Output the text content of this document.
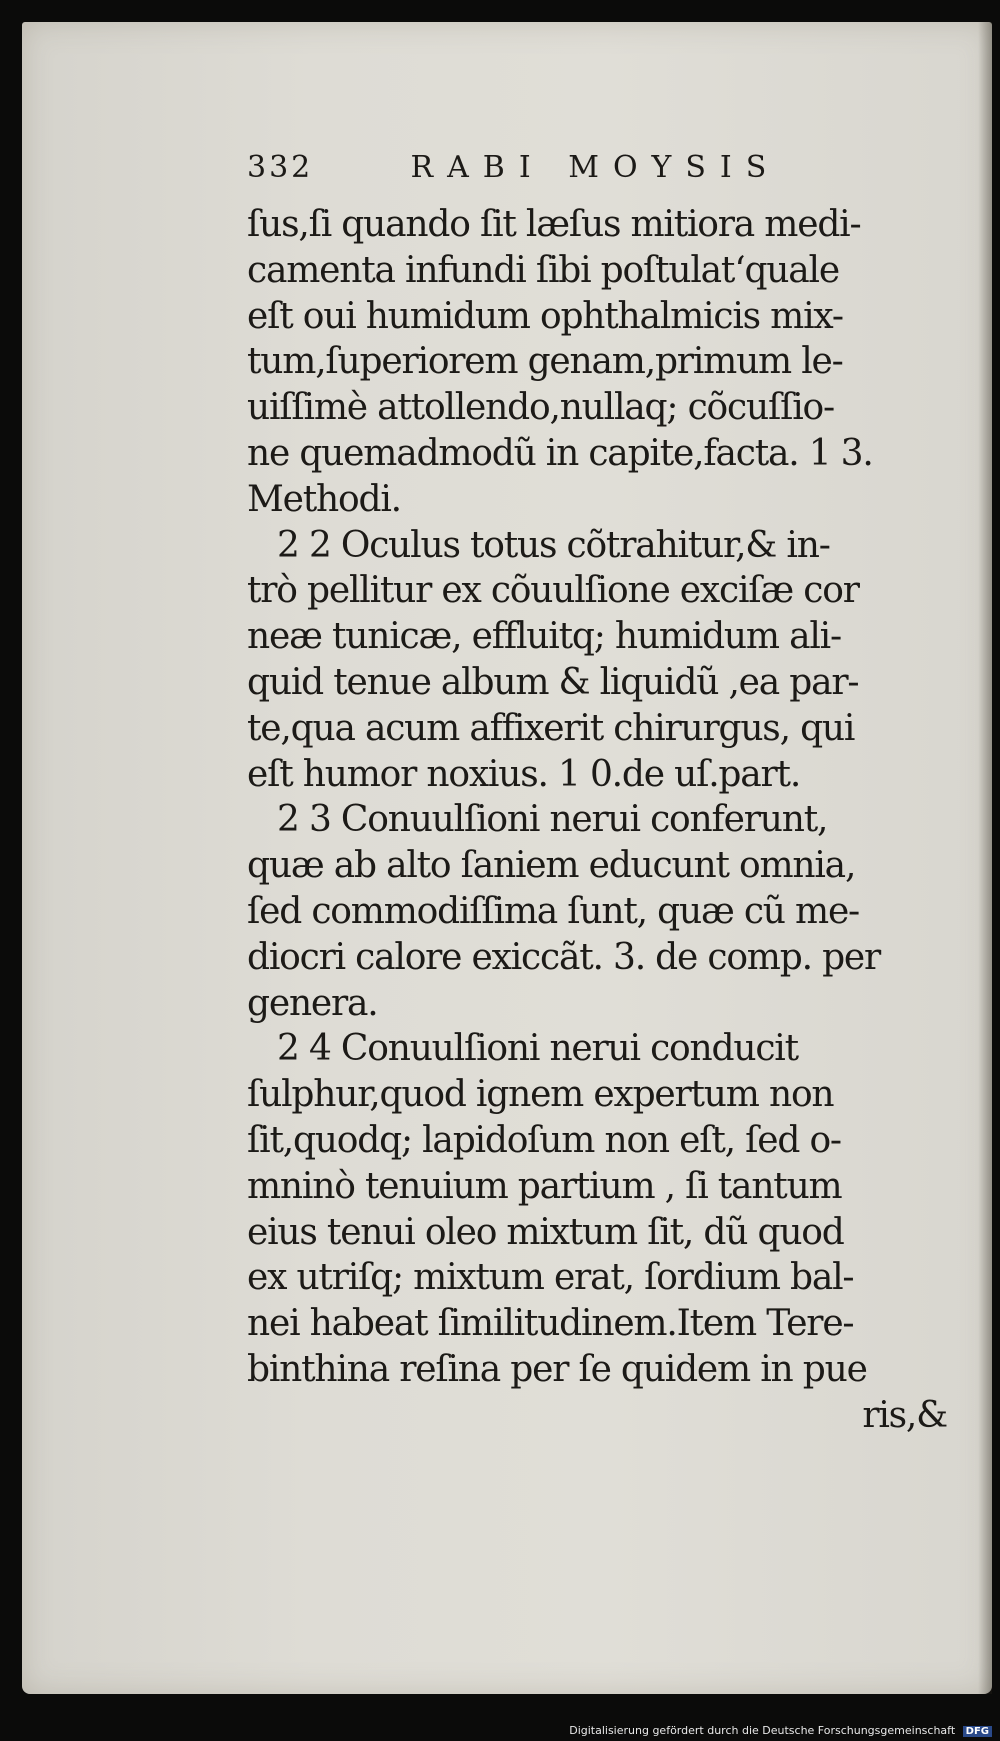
332	RABI MOYSIS
ſus,ſi quando ſit læſus mitiora medi-
camenta infundi ſibi poſtulat‘quale
eſt oui humidum ophthalmicis mix-
tum,ſuperiorem genam,primum le-
uiſſimè attollendo,nullaq; cõcuſſio-
ne quemadmodũ in capite,facta. 1 3.
Methodi.
2 2 Oculus totus cõtrahitur,& in-
trò pellitur ex cõuulſione exciſæ cor
neæ tunicæ, effluitq; humidum ali-
quid tenue album & liquidũ ,ea par-
te,qua acum affixerit chirurgus, qui
eſt humor noxius. 1 0.de uſ.part.
2 3 Conuulſioni nerui conferunt,
quæ ab alto ſaniem educunt omnia,
ſed commodiſſima ſunt, quæ cũ me-
diocri calore exiccãt. 3. de comp. per
genera.
2 4 Conuulſioni nerui conducit
ſulphur,quod ignem expertum non
ſit,quodq; lapidoſum non eſt, ſed o-
mninò tenuium partium , ſi tantum
eius tenui oleo mixtum ſit, dũ quod
ex utriſq; mixtum erat, ſordium bal-
nei habeat ſimilitudinem.Item Tere-
binthina reſina per ſe quidem in pue
ris,&
Digitalisierung gefördert durch die Deutsche Forschungsgemeinschaft DFG
